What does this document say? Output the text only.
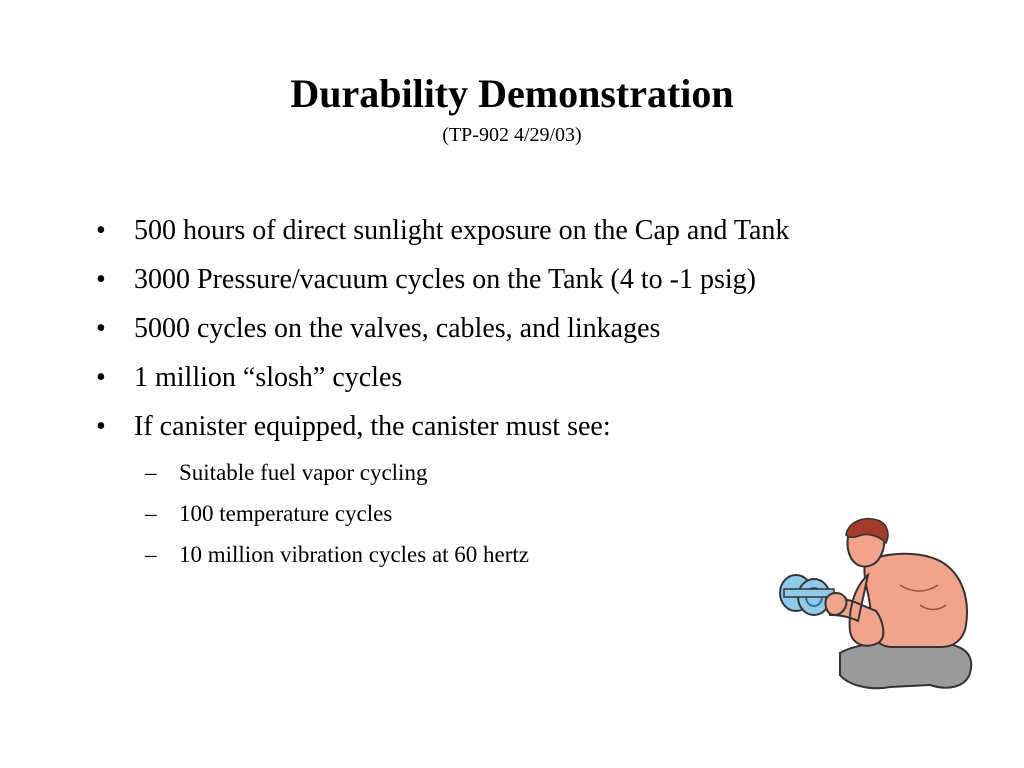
Durability Demonstration
(TP-902 4/29/03)
•	500 hours of direct sunlight exposure on the Cap and Tank
•	3000 Pressure/vacuum cycles on the Tank (4 to -1 psig)
•	5000 cycles on the valves, cables, and linkages
•	1 million “slosh” cycles
•	If canister equipped, the canister must see:
– Suitable fuel vapor cycling
– 100 temperature cycles
– 10 million vibration cycles at 60 hertz
